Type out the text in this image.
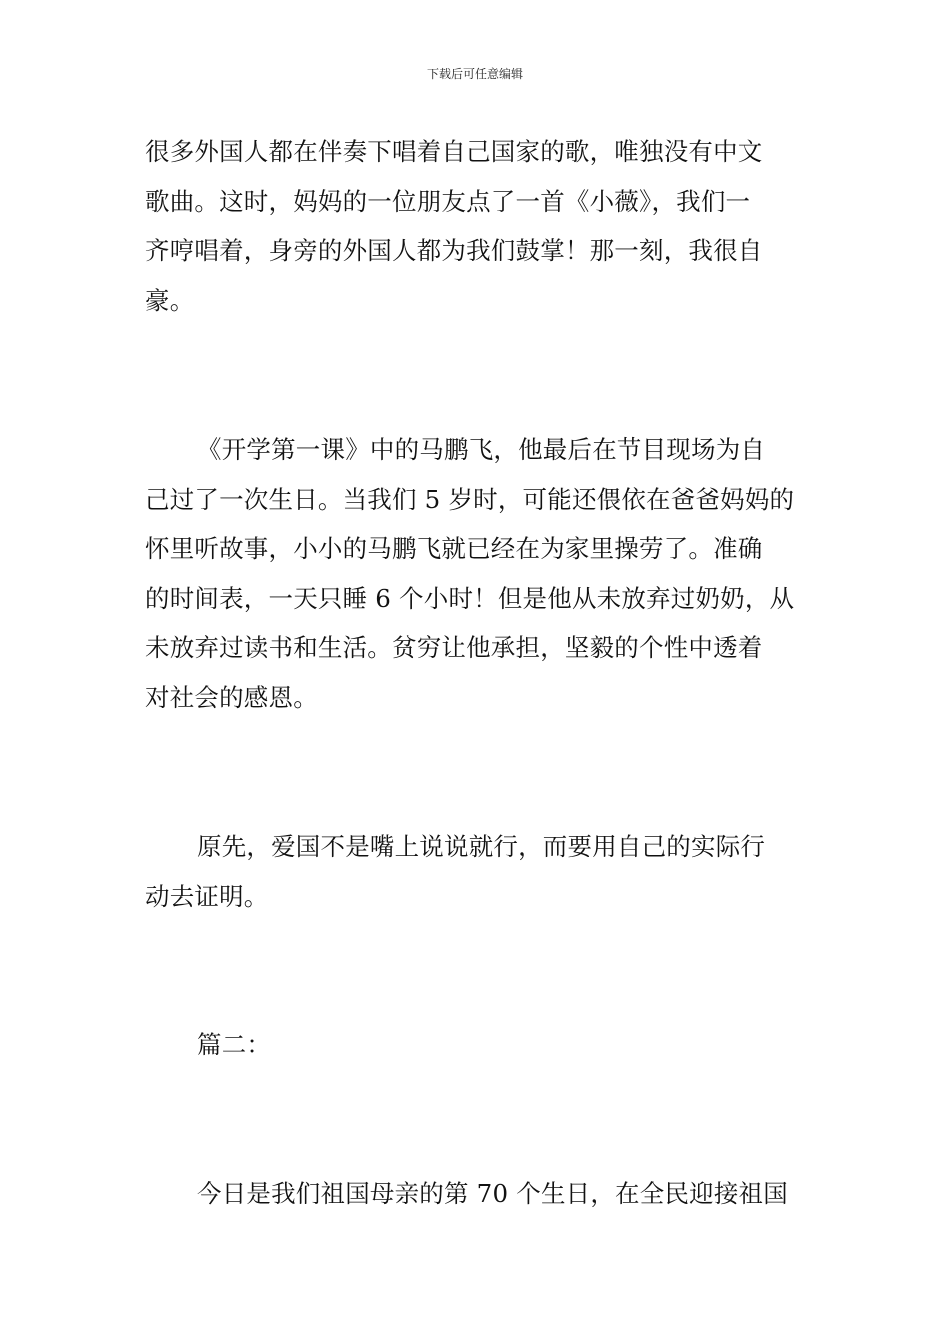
下载后可任意编辑
很多外国人都在伴奏下唱着自己国家的歌，唯独没有中文
歌曲。这时，妈妈的一位朋友点了一首《小薇》，我们一
齐哼唱着，身旁的外国人都为我们鼓掌！那一刻，我很自
豪。
《开学第一课》中的马鹏飞，他最后在节目现场为自
己过了一次生日。当我们 5 岁时，可能还偎依在爸爸妈妈的
怀里听故事，小小的马鹏飞就已经在为家里操劳了。准确
的时间表，一天只睡 6 个小时！但是他从未放弃过奶奶，从
未放弃过读书和生活。贫穷让他承担，坚毅的个性中透着
对社会的感恩。
原先，爱国不是嘴上说说就行，而要用自己的实际行
动去证明。
篇二：
今日是我们祖国母亲的第 70 个生日，在全民迎接祖国
